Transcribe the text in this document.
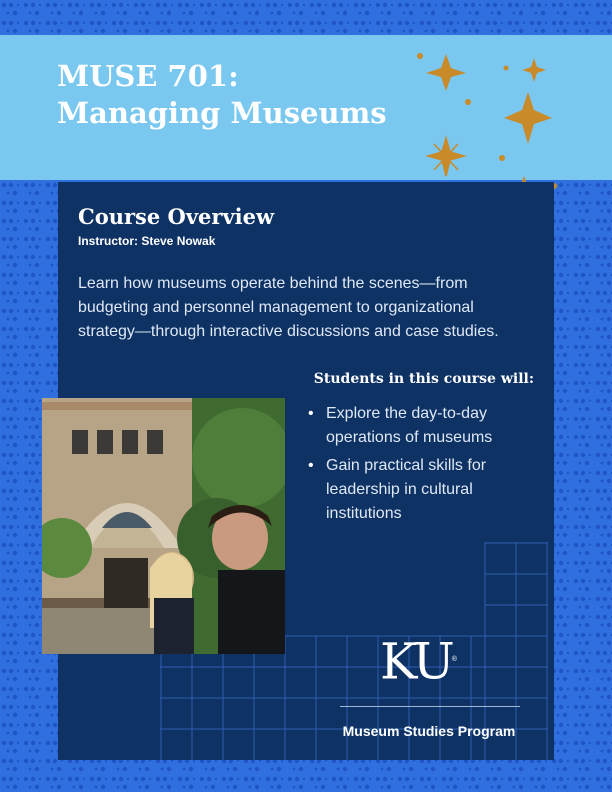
MUSE 701:
Managing Museums
Course Overview
Instructor: Steve Nowak

Learn how museums operate behind the scenes—from budgeting and personnel management to organizational strategy—through interactive discussions and case studies.

Students in this course will:
• Explore the day-to-day operations of museums
• Gain practical skills for leadership in cultural institutions
KU®
Museum Studies Program
